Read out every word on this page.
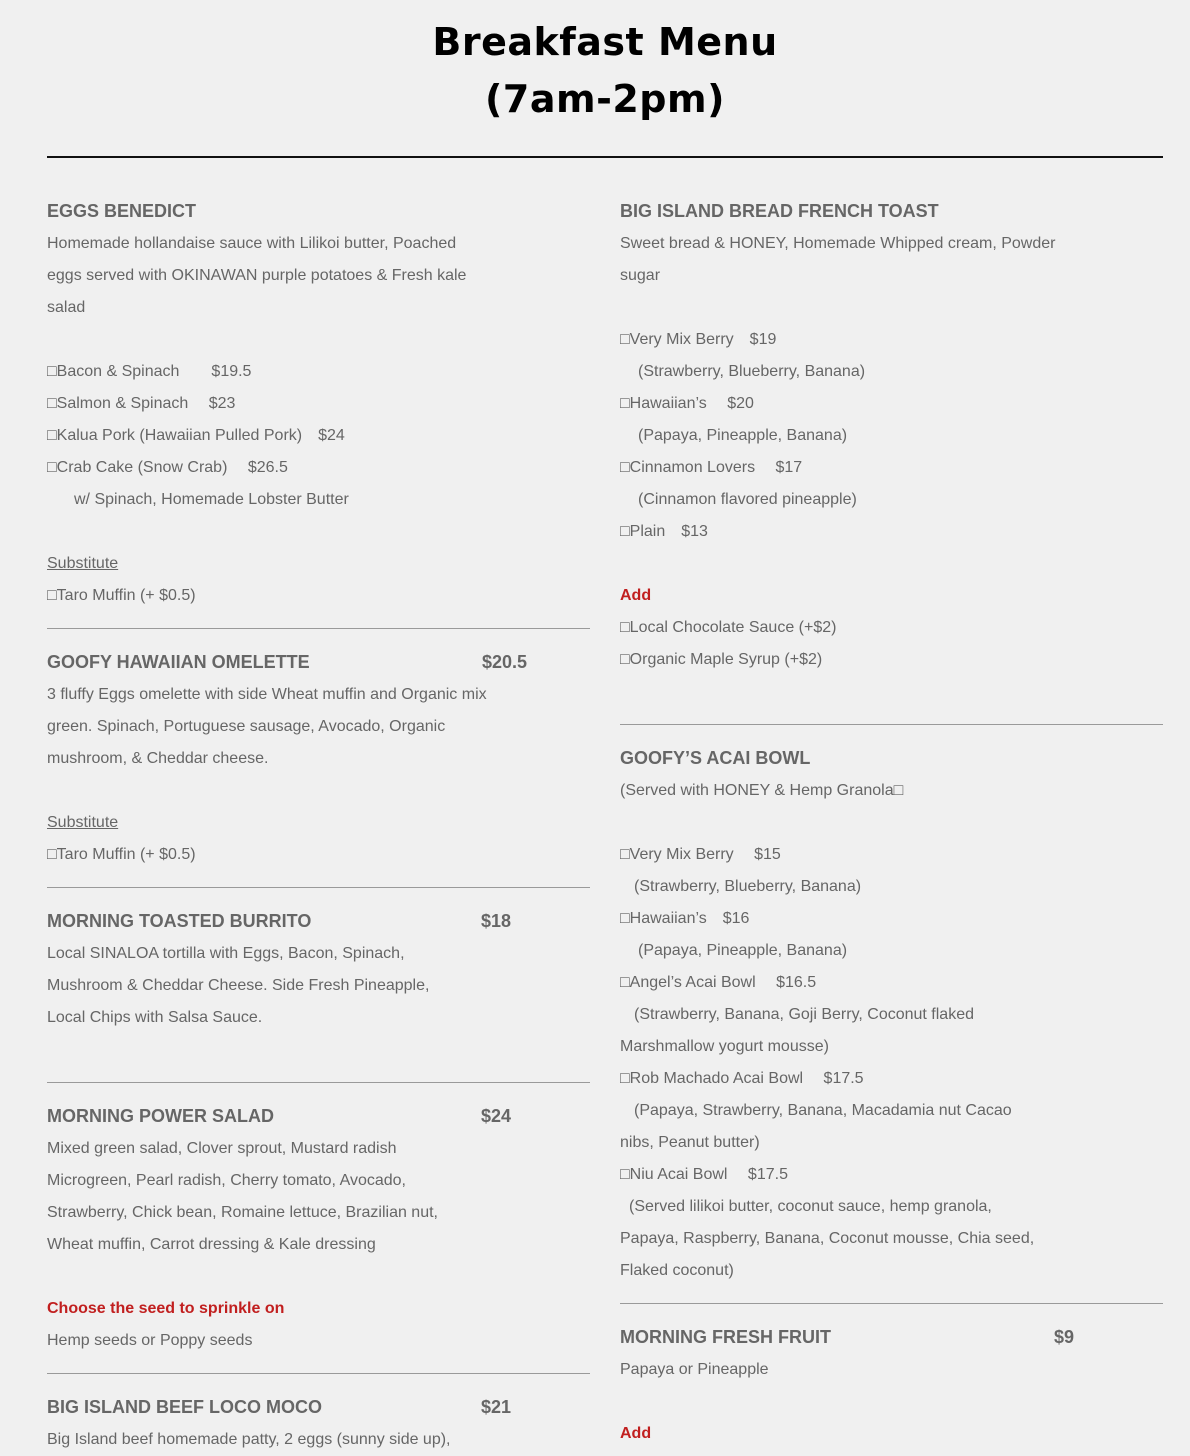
Breakfast Menu
(7am-2pm)
EGGS BENEDICT
Homemade hollandaise sauce with Lilikoi butter, Poached eggs served with OKINAWAN purple potatoes & Fresh kale salad
□Bacon & Spinach　　$19.5
□Salmon & Spinach　 $23
□Kalua Pork (Hawaiian Pulled Pork)　$24
□Crab Cake (Snow Crab)　 $26.5
w/ Spinach, Homemade Lobster Butter
Substitute
□Taro Muffin (+ $0.5)
GOOFY HAWAIIAN OMELETTE	$20.5
3 fluffy Eggs omelette with side Wheat muffin and Organic mix green. Spinach, Portuguese sausage, Avocado, Organic mushroom, & Cheddar cheese.
Substitute
□Taro Muffin (+ $0.5)
MORNING TOASTED BURRITO	$18
Local SINALOA tortilla with Eggs, Bacon, Spinach, Mushroom & Cheddar Cheese. Side Fresh Pineapple, Local Chips with Salsa Sauce.
MORNING POWER SALAD	$24
Mixed green salad, Clover sprout, Mustard radish Microgreen, Pearl radish, Cherry tomato, Avocado, Strawberry, Chick bean, Romaine lettuce, Brazilian nut, Wheat muffin, Carrot dressing & Kale dressing
Choose the seed to sprinkle on
Hemp seeds or Poppy seeds
BIG ISLAND BEEF LOCO MOCO	$21
Big Island beef homemade patty, 2 eggs (sunny side up),
BIG ISLAND BREAD FRENCH TOAST
Sweet bread & HONEY, Homemade Whipped cream, Powder sugar
□Very Mix Berry　$19
(Strawberry, Blueberry, Banana)
□Hawaiian’s　 $20
(Papaya, Pineapple, Banana)
□Cinnamon Lovers　 $17
(Cinnamon flavored pineapple)
□Plain　$13
Add
□Local Chocolate Sauce (+$2)
□Organic Maple Syrup (+$2)
GOOFY’S ACAI BOWL
(Served with HONEY & Hemp Granola□
□Very Mix Berry　 $15
(Strawberry, Blueberry, Banana)
□Hawaiian’s　$16
(Papaya, Pineapple, Banana)
□Angel’s Acai Bowl　 $16.5
(Strawberry, Banana, Goji Berry, Coconut flaked Marshmallow yogurt mousse)
□Rob Machado Acai Bowl　 $17.5
(Papaya, Strawberry, Banana, Macadamia nut Cacao nibs, Peanut butter)
□Niu Acai Bowl　 $17.5
(Served lilikoi butter, coconut sauce, hemp granola, Papaya, Raspberry, Banana, Coconut mousse, Chia seed, Flaked coconut)
MORNING FRESH FRUIT	$9
Papaya or Pineapple
Add
